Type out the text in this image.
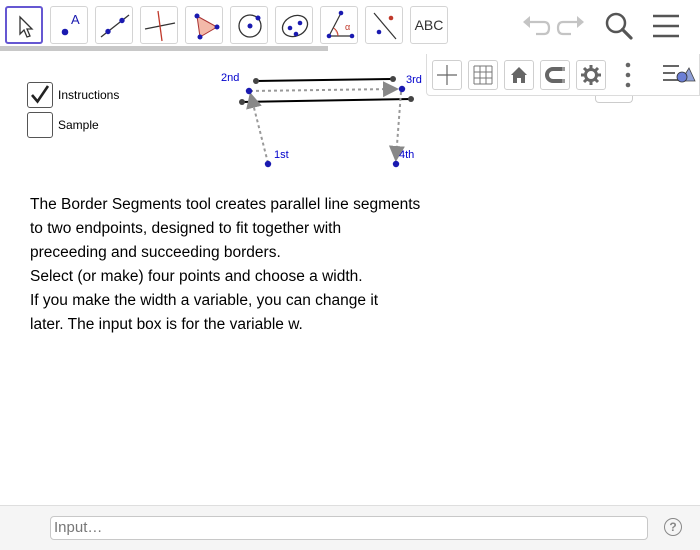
A	α	ABC
2nd	3rd
1st	4th
Instructions
Sample
The Border Segments tool creates parallel line segments
to two endpoints, designed to fit together with
preceeding and succeeding borders.
Select (or make) four points and choose a width.
If you make the width a variable, you can change it
later. The input box is for the variable w.
Input…	?
